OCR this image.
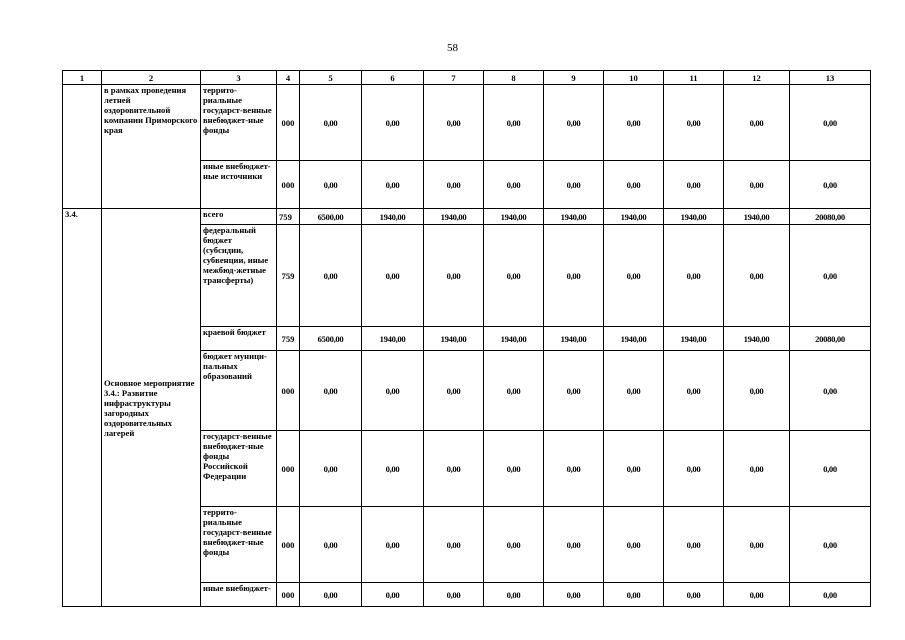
58
1	2	3	4	5	6	7	8	9	10	11	12	13
	в рамках проведения летней оздоровительной компании Приморского края	террито-риальные государст-венные внебюджет-ные фонды	000	0,00	0,00	0,00	0,00	0,00	0,00	0,00	0,00	0,00
		иные внебюджет-ные источники	000	0,00	0,00	0,00	0,00	0,00	0,00	0,00	0,00	0,00
3.4.	Основное мероприятие 3.4.: Развитие инфраструктуры загородных оздоровительных лагерей	всего	759	6500,00	1940,00	1940,00	1940,00	1940,00	1940,00	1940,00	1940,00	20080,00
		федеральный бюджет (субсидии, субвенции, иные межбюд-жетные трансферты)	759	0,00	0,00	0,00	0,00	0,00	0,00	0,00	0,00	0,00
		краевой бюджет	759	6500,00	1940,00	1940,00	1940,00	1940,00	1940,00	1940,00	1940,00	20080,00
		бюджет муници-пальных образований	000	0,00	0,00	0,00	0,00	0,00	0,00	0,00	0,00	0,00
		государст-венные внебюджет-ные фонды Российской Федерации	000	0,00	0,00	0,00	0,00	0,00	0,00	0,00	0,00	0,00
		террито-риальные государст-венные внебюджет-ные фонды	000	0,00	0,00	0,00	0,00	0,00	0,00	0,00	0,00	0,00
		иные внебюджет-	000	0,00	0,00	0,00	0,00	0,00	0,00	0,00	0,00	0,00
